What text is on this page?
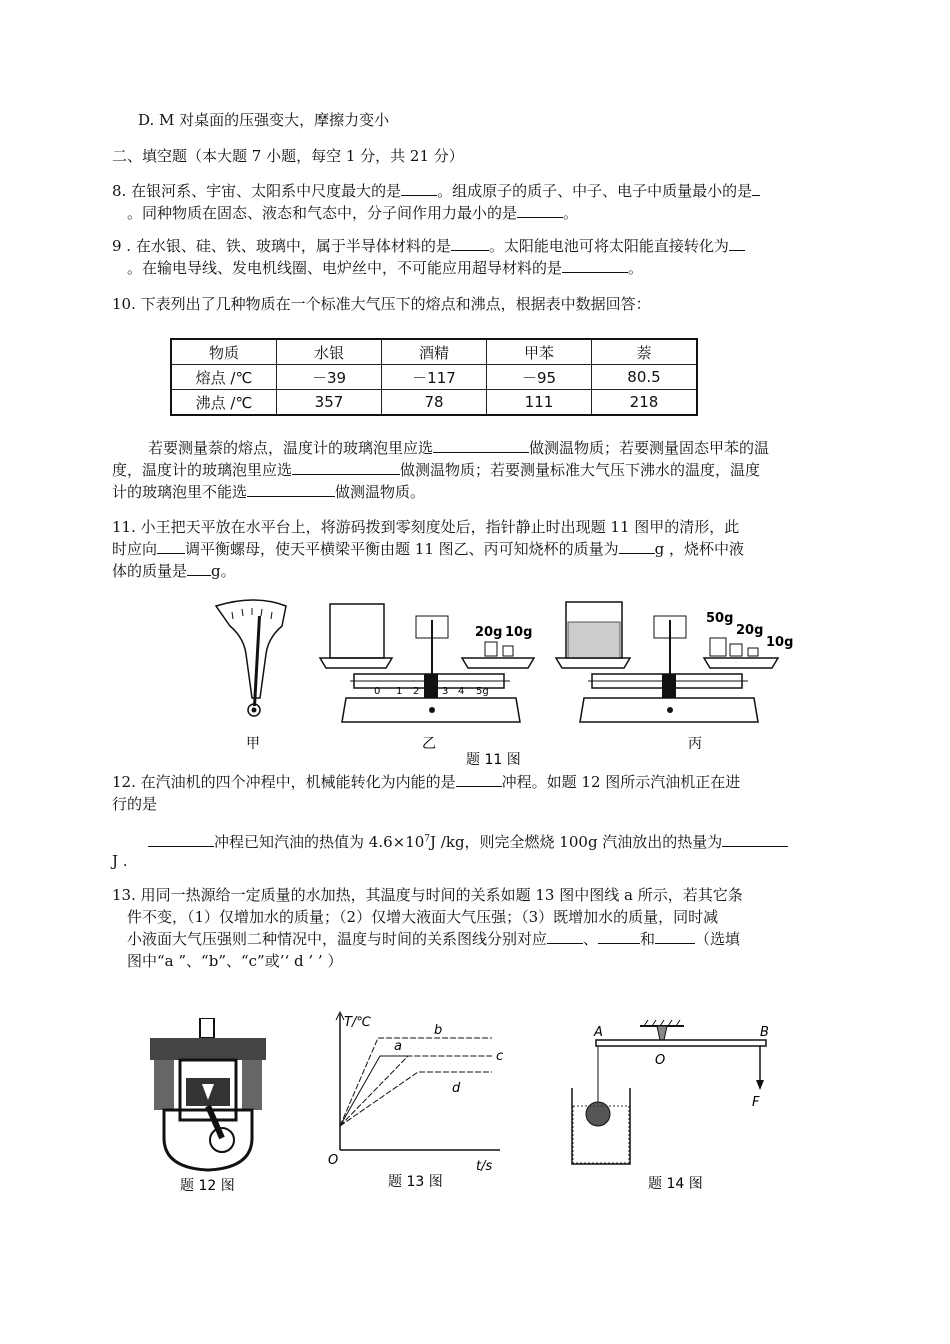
D. M 对桌面的压强变大，摩擦力变小
二、填空题（本大题 7 小题，每空 1 分，共 21 分）
8. 在银河系、宇宙、太阳系中尺度最大的是 。组成原子的质子、中子、电子中质量最小的是
。同种物质在固态、液态和气态中，分子间作用力最小的是	。
9 . 在水银、硅、铁、玻璃中，属于半导体材料的是	。太阳能电池可将太阳能直接转化为
。在输电导线、发电机线圈、电炉丝中，不可能应用超导材料的是	。
10. 下表列出了几种物质在一个标准大气压下的熔点和沸点，根据表中数据回答：
物质	水银	酒精	甲苯	萘
熔点 /℃	－39	－117	－95	80.5
沸点 /℃	357	78	111	218
若要测量萘的熔点，温度计的玻璃泡里应选	做测温物质；若要测量固态甲苯的温
度，温度计的玻璃泡里应选	做测温物质；若要测量标准大气压下沸水的温度，温度
计的玻璃泡里不能选	做测温物质。
11. 小王把天平放在水平台上，将游码拨到零刻度处后，指针静止时出现题 11 图甲的清形，此
时应向 调平衡螺母，使天平横梁平衡由题 11 图乙、丙可知烧杯的质量为 g ，烧杯中液
体的质量是 g。
甲
20g 10g
0 1 2 3 4 5g
乙
题 11 图
50g
20g
10g
丙
12. 在汽油机的四个冲程中，机械能转化为内能的是	冲程。如题 12 图所示汽油机正在进
行的是
冲程已知汽油的热值为 $4.6\times 10^7J$ /kg，则完全燃烧 100g 汽油放出的热量为
J .
13. 用同一热源给一定质量的水加热，其温度与时间的关系如题 13 图中图线 a 所示，若其它条
件不变，（1）仅增加水的质量；（2）仅增大液面大气压强；（3）既增加水的质量，同时减
小液面大气压强则二种情况中，温度与时间的关系图线分别对应 、	和	（选填
图中“a ”、“b”、“c”或’‘ d ’ ’ ）
题 12 图
T/℃
t/s
O
b
a
c
d
题 13 图
A	B
O
F
题 14 图
